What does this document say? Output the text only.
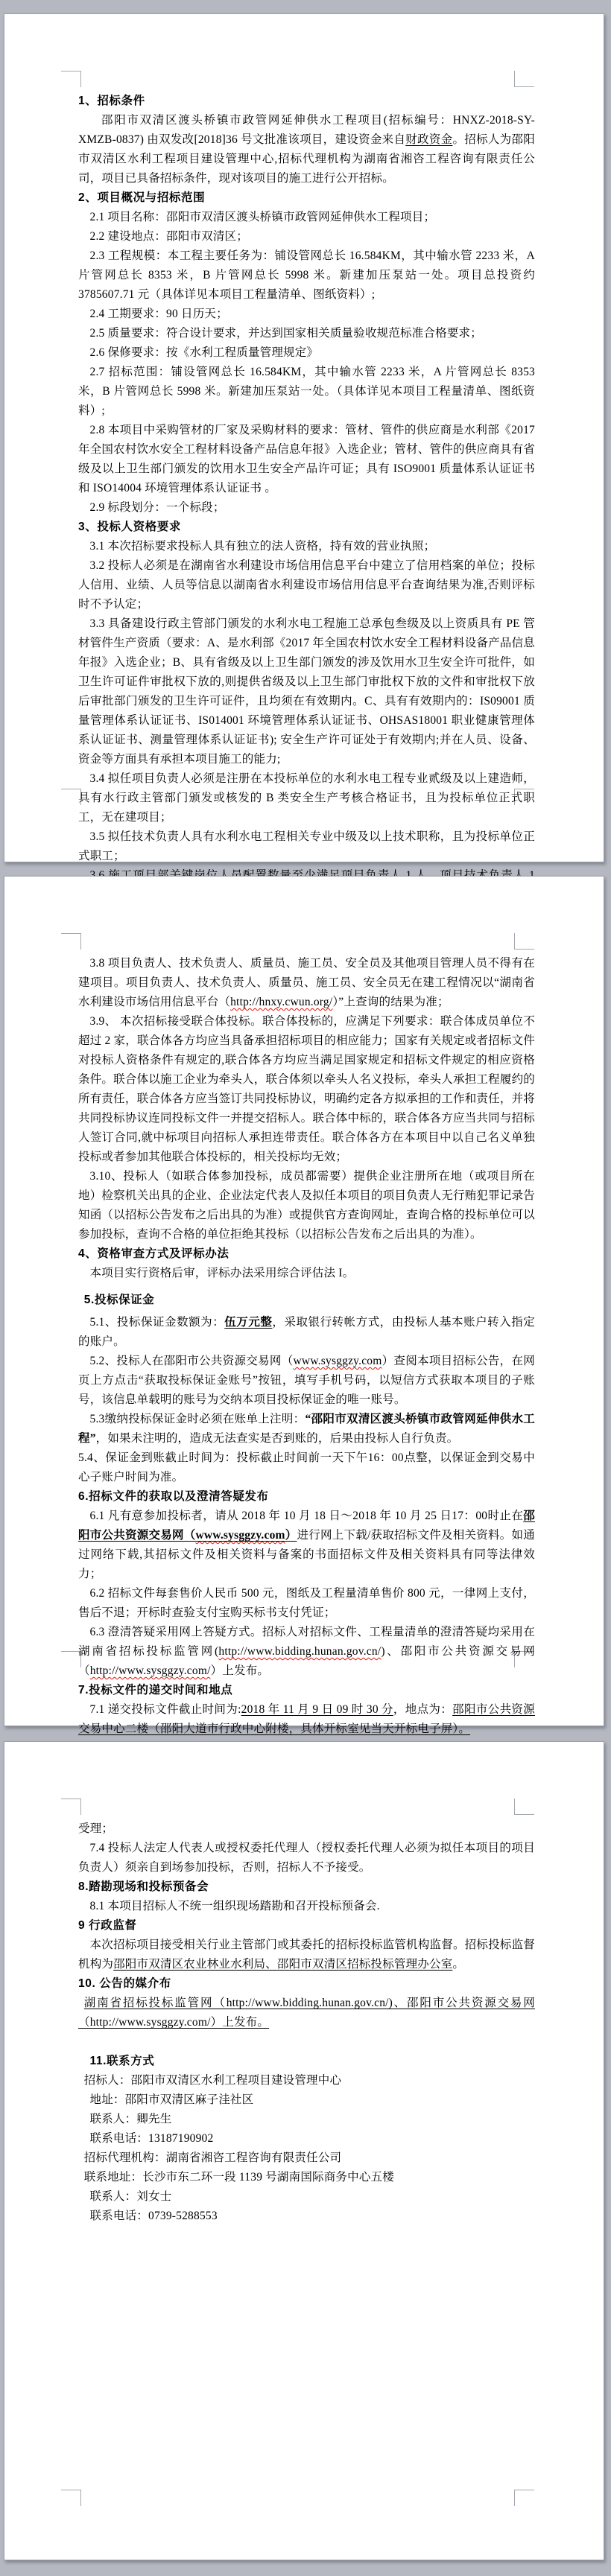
1、招标条件
邵阳市双清区渡头桥镇市政管网延伸供水工程项目(招标编号：HNXZ-2018-SY-XMZB-0837) 由双发改[2018]36 号文批准该项目，建设资金来自财政资金。招标人为邵阳市双清区水利工程项目建设管理中心,招标代理机构为湖南省湘咨工程咨询有限责任公司，项目已具备招标条件，现对该项目的施工进行公开招标。
2、项目概况与招标范围
2.1 项目名称：邵阳市双清区渡头桥镇市政管网延伸供水工程项目；
2.2 建设地点：邵阳市双清区；
2.3 工程规模：本工程主要任务为：铺设管网总长 16.584KM，其中输水管 2233 米，A 片管网总长 8353 米，B 片管网总长 5998 米。新建加压泵站一处。项目总投资约 3785607.71 元（具体详见本项目工程量清单、图纸资料）;
2.4 工期要求：90 日历天；
2.5 质量要求：符合设计要求，并达到国家相关质量验收规范标准合格要求；
2.6 保修要求：按《水利工程质量管理规定》
2.7 招标范围：铺设管网总长 16.584KM，其中输水管 2233 米，A 片管网总长 8353 米，B 片管网总长 5998 米。新建加压泵站一处。（具体详见本项目工程量清单、图纸资料）;
2.8 本项目中采购管材的厂家及采购材料的要求：管材、管件的供应商是水利部《2017 年全国农村饮水安全工程材料设备产品信息年报》入选企业；管材、管件的供应商具有省级及以上卫生部门颁发的饮用水卫生安全产品许可证；具有 ISO9001 质量体系认证证书和 ISO14004 环境管理体系认证证书 。
2.9 标段划分：一个标段；
3、投标人资格要求
3.1 本次招标要求投标人具有独立的法人资格，持有效的营业执照；
3.2 投标人必须是在湖南省水利建设市场信用信息平台中建立了信用档案的单位；投标人信用、业绩、人员等信息以湖南省水利建设市场信用信息平台查询结果为准,否则评标时不予认定；
3.3 具备建设行政主管部门颁发的水利水电工程施工总承包叁级及以上资质具有 PE 管材管件生产资质（要求：A、是水利部《2017 年全国农村饮水安全工程材料设备产品信息年报》入选企业；B、具有省级及以上卫生部门颁发的涉及饮用水卫生安全许可批件，如卫生许可证件审批权下放的,则提供省级及以上卫生部门审批权下放的文件和审批权下放后审批部门颁发的卫生许可证件，且均须在有效期内。C、具有有效期内的：IS09001 质量管理体系认证证书、IS014001 环境管理体系认证证书、OHSAS18001 职业健康管理体系认证证书、测量管理体系认证证书); 安全生产许可证处于有效期内;并在人员、设备、资金等方面具有承担本项目施工的能力;
3.4 拟任项目负责人必须是注册在本投标单位的水利水电工程专业贰级及以上建造师，具有水行政主管部门颁发或核发的 B 类安全生产考核合格证书，且为投标单位正式职工，无在建项目；
3.5 拟任技术负责人具有水利水电工程相关专业中级及以上技术职称，且为投标单位正式职工；
3.8 项目负责人、技术负责人、质量员、施工员、安全员及其他项目管理人员不得有在建项目。项目负责人、技术负责人、质量员、施工员、安全员无在建工程情况以“湖南省水利建设市场信用信息平台（http://hnxy.cwun.org/）”上查询的结果为准；
3.9、 本次招标接受联合体投标。联合体投标的，应满足下列要求：联合体成员单位不超过 2 家，联合体各方均应当具备承担招标项目的相应能力；国家有关规定或者招标文件对投标人资格条件有规定的,联合体各方均应当满足国家规定和招标文件规定的相应资格条件。联合体以施工企业为牵头人，联合体须以牵头人名义投标，牵头人承担工程履约的所有责任，联合体各方应当签订共同投标协议，明确约定各方拟承担的工作和责任，并将共同投标协议连同投标文件一并提交招标人。联合体中标的，联合体各方应当共同与招标人签订合同,就中标项目向招标人承担连带责任。联合体各方在本项目中以自己名义单独投标或者参加其他联合体投标的，相关投标均无效；
3.10、投标人（如联合体参加投标，成员都需要）提供企业注册所在地（或项目所在地）检察机关出具的企业、企业法定代表人及拟任本项目的项目负责人无行贿犯罪记录告知函（以招标公告发布之后出具的为准）或提供官方查询网址，查询合格的投标单位可以参加投标，查询不合格的单位拒绝其投标（以招标公告发布之后出具的为准）。
4、资格审查方式及评标办法
本项目实行资格后审，评标办法采用综合评估法 I。
5.投标保证金
5.1、投标保证金数额为：伍万元整，采取银行转帐方式，由投标人基本账户转入指定的账户。
5.2、投标人在邵阳市公共资源交易网（www.sysggzy.com）查阅本项目招标公告，在网页上方点击“获取投标保证金账号”按钮，填写手机号码，以短信方式获取本项目的子账号，该信息单载明的账号为交纳本项目投标保证金的唯一账号。
5.3缴纳投标保证金时必须在账单上注明：“邵阳市双清区渡头桥镇市政管网延伸供水工程”，如果未注明的，造成无法查实是否到账的，后果由投标人自行负责。
5.4、保证金到账截止时间为：投标截止时间前一天下午16：00点整，以保证金到交易中心子账户时间为准。
6.招标文件的获取以及澄清答疑发布
6.1 凡有意参加投标者，请从 2018 年 10 月 18 日～2018 年 10 月 25 日17：00时止在邵阳市公共资源交易网（www.sysggzy.com）进行网上下载/获取招标文件及相关资料。如通过网络下载,其招标文件及相关资料与备案的书面招标文件及相关资料具有同等法律效力；
6.2 招标文件每套售价人民币 500 元，图纸及工程量清单售价 800 元，一律网上支付，售后不退；开标时查验支付宝购买标书支付凭证；
6.3 澄清答疑采用网上答疑方式。招标人对招标文件、工程量清单的澄清答疑均采用在湖南省招标投标监管网(http://www.bidding.hunan.gov.cn/)、邵阳市公共资源交易网（http://www.sysggzy.com/）上发布。
7.投标文件的递交时间和地点
7.1 递交投标文件截止时间为:2018 年 11 月 9 日 09 时 30 分，地点为：邵阳市公共资源交易中心二楼（邵阳大道市行政中心附楼，具体开标室见当天开标电子屏）。
受理；
7.4 投标人法定人代表人或授权委托代理人（授权委托代理人必须为拟任本项目的项目负责人）须亲自到场参加投标，否则，招标人不予接受。
8.踏勘现场和投标预备会
8.1 本项目招标人不统一组织现场踏勘和召开投标预备会.
9 行政监督
本次招标项目接受相关行业主管部门或其委托的招标投标监管机构监督。招标投标监督机构为邵阳市双清区农业林业水利局、邵阳市双清区招标投标管理办公室。
10. 公告的媒介布
湖南省招标投标监管网（http://www.bidding.hunan.gov.cn/)、邵阳市公共资源交易网（http://www.sysggzy.com/）上发布。
11.联系方式
招标人：邵阳市双清区水利工程项目建设管理中心
地址：邵阳市双清区麻子洼社区
联系人：卿先生
联系电话：13187190902
招标代理机构：湖南省湘咨工程咨询有限责任公司
联系地址：长沙市东二环一段 1139 号湖南国际商务中心五楼
联系人：刘女士
联系电话：0739-5288553
